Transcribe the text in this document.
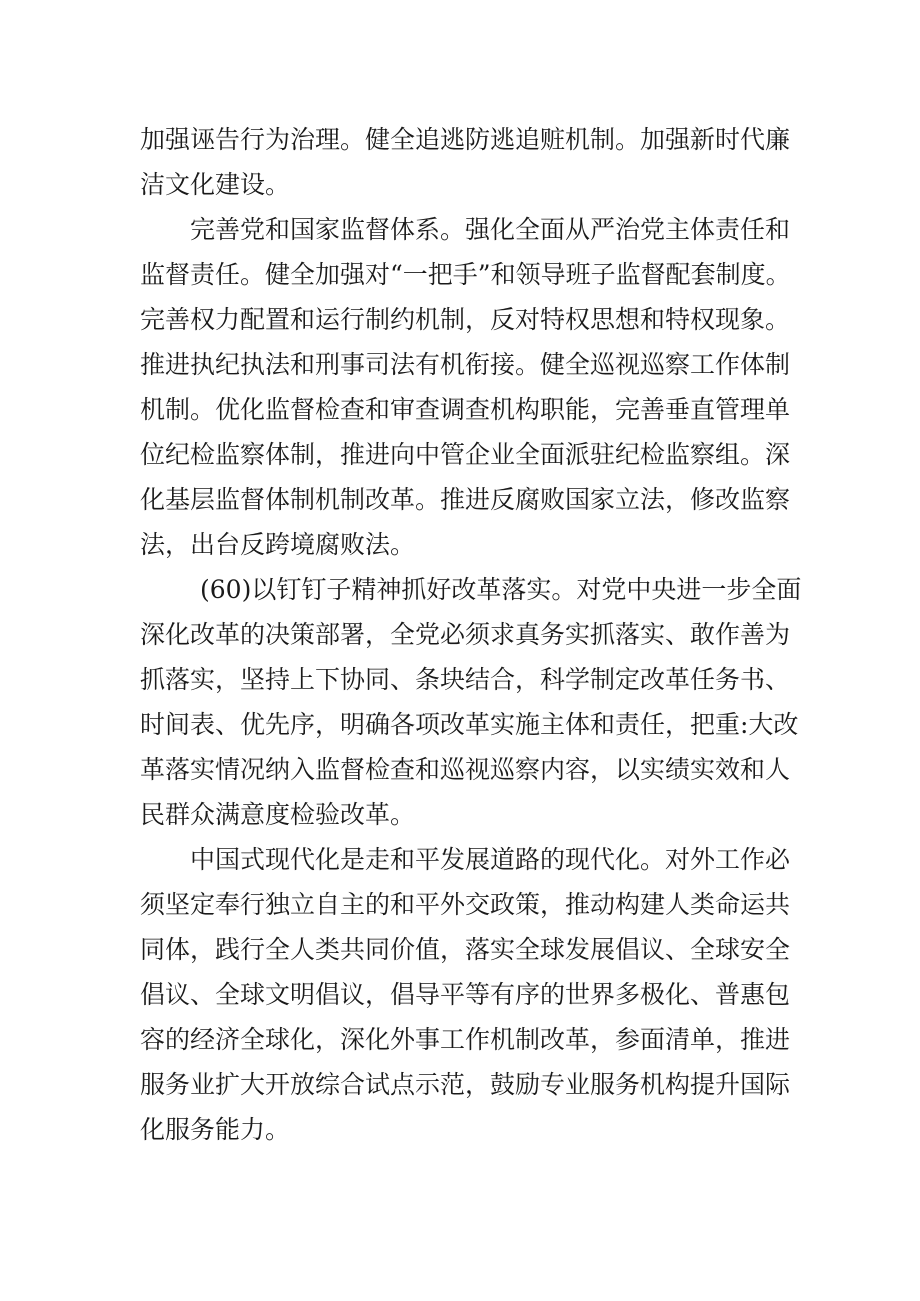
加强诬告行为治理。健全追逃防逃追赃机制。加强新时代廉
洁文化建设。

完善党和国家监督体系。强化全面从严治党主体责任和
监督责任。健全加强对“一把手”和领导班子监督配套制度。
完善权力配置和运行制约机制，反对特权思想和特权现象。
推进执纪执法和刑事司法有机衔接。健全巡视巡察工作体制
机制。优化监督检查和审查调查机构职能，完善垂直管理单
位纪检监察体制，推进向中管企业全面派驻纪检监察组。深
化基层监督体制机制改革。推进反腐败国家立法，修改监察
法，出台反跨境腐败法。

(60)以钉钉子精神抓好改革落实。对党中央进一步全面
深化改革的决策部署，全党必须求真务实抓落实、敢作善为
抓落实，坚持上下协同、条块结合，科学制定改革任务书、
时间表、优先序，明确各项改革实施主体和责任，把重:大改
革落实情况纳入监督检查和巡视巡察内容，以实绩实效和人
民群众满意度检验改革。

中国式现代化是走和平发展道路的现代化。对外工作必
须坚定奉行独立自主的和平外交政策，推动构建人类命运共
同体，践行全人类共同价值，落实全球发展倡议、全球安全
倡议、全球文明倡议，倡导平等有序的世界多极化、普惠包
容的经济全球化，深化外事工作机制改革，参面清单，推进
服务业扩大开放综合试点示范，鼓励专业服务机构提升国际
化服务能力。
